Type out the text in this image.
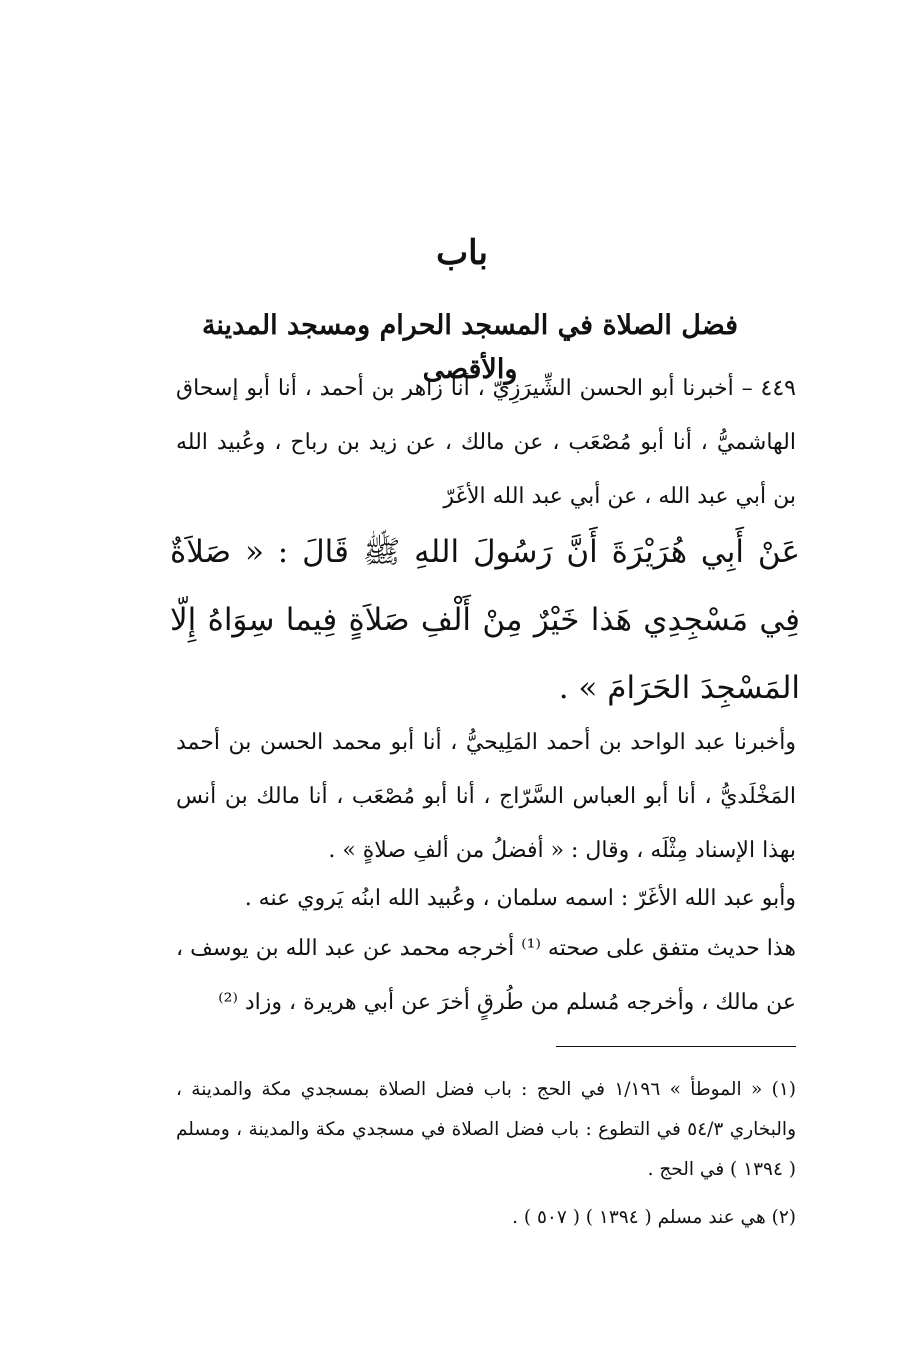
باب
فضل الصلاة في المسجد الحرام ومسجد المدينة والأقصى
٤٤٩ – أخبرنا أبو الحسن الشِّيرَزِيّ ، أنا زاهر بن أحمد ، أنا أبو إسحاق الهاشميُّ ، أنا أبو مُصْعَب ، عن مالك ، عن زيد بن رباح ، وعُبيد الله بن أبي عبد الله ، عن أبي عبد الله الأغَرّ
عَنْ أَبِي هُرَيْرَةَ أَنَّ رَسُولَ اللهِ ﷺ قَالَ : « صَلاَةٌ فِي مَسْجِدِي هَذا خَيْرٌ مِنْ أَلْفِ صَلاَةٍ فِيما سِوَاهُ إِلّا المَسْجِدَ الحَرَامَ » .
وأخبرنا عبد الواحد بن أحمد المَلِيحيُّ ، أنا أبو محمد الحسن بن أحمد المَخْلَديُّ ، أنا أبو العباس السَّرّاج ، أنا أبو مُصْعَب ، أنا مالك بن أنس بهذا الإسناد مِثْلَه ، وقال : « أفضلُ من ألفِ صلاةٍ » .
وأبو عبد الله الأغَرّ : اسمه سلمان ، وعُبيد الله ابنُه يَروي عنه .
هذا حديث متفق على صحته ⁽¹⁾ أخرجه محمد عن عبد الله بن يوسف ، عن مالك ، وأخرجه مُسلم من طُرقٍ أخرَ عن أبي هريرة ، وزاد ⁽²⁾

(١) « الموطأ » ١/١٩٦ في الحج : باب فضل الصلاة بمسجدي مكة والمدينة ، والبخاري ٥٤/٣ في التطوع : باب فضل الصلاة في مسجدي مكة والمدينة ، ومسلم ( ١٣٩٤ ) في الحج .

(٢) هي عند مسلم ( ١٣٩٤ ) ( ٥٠٧ ) .
